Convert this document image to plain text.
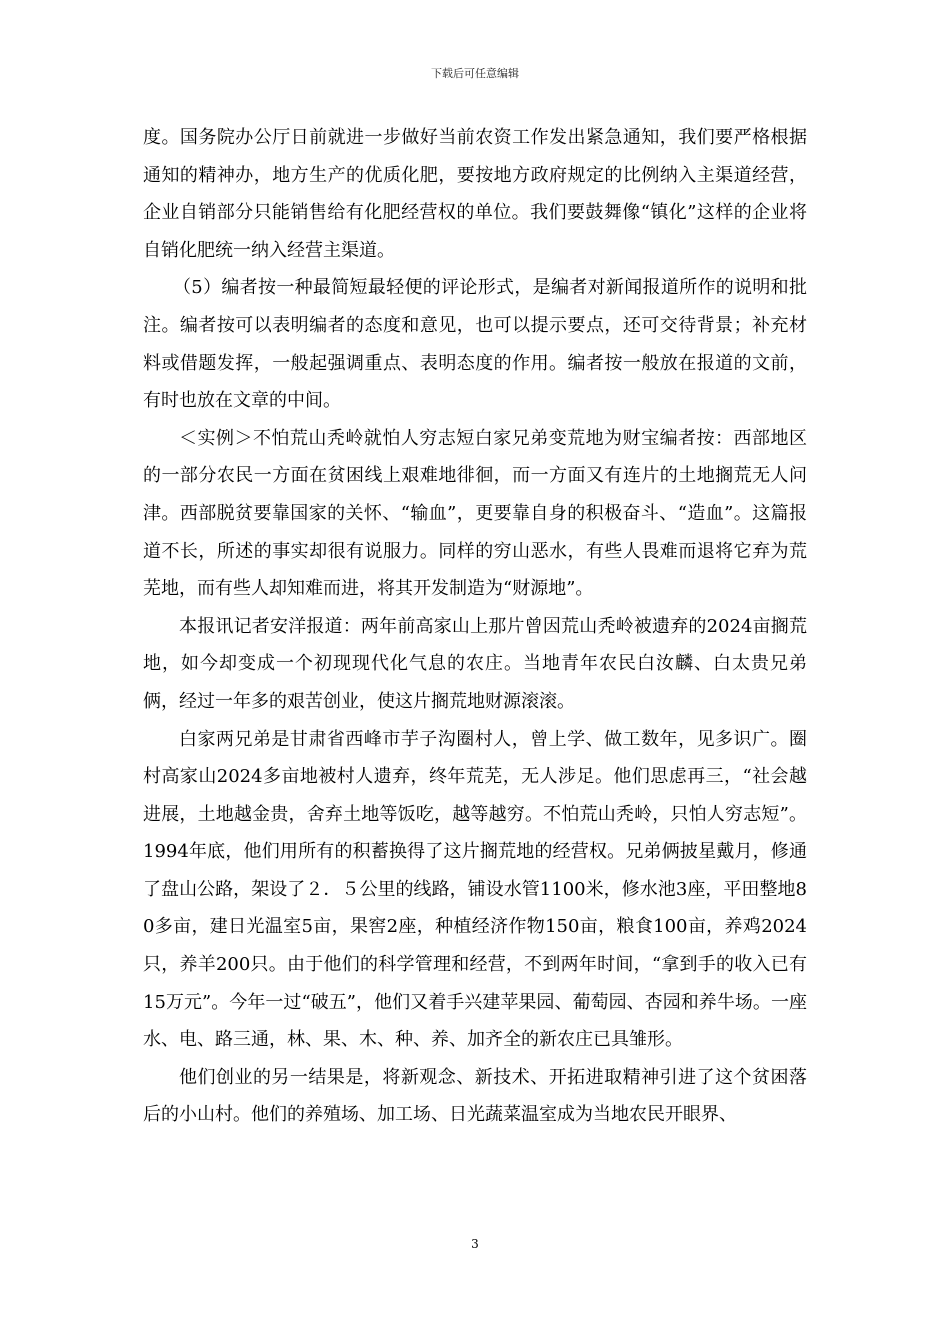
下载后可任意编辑

度。国务院办公厅日前就进一步做好当前农资工作发出紧急通知，我们要严格根据通知的精神办，地方生产的优质化肥，要按地方政府规定的比例纳入主渠道经营，企业自销部分只能销售给有化肥经营权的单位。我们要鼓舞像“镇化”这样的企业将自销化肥统一纳入经营主渠道。

（5）编者按一种最简短最轻便的评论形式，是编者对新闻报道所作的说明和批注。编者按可以表明编者的态度和意见，也可以提示要点，还可交待背景；补充材料或借题发挥，一般起强调重点、表明态度的作用。编者按一般放在报道的文前，有时也放在文章的中间。

＜实例＞不怕荒山秃岭就怕人穷志短白家兄弟变荒地为财宝编者按：西部地区的一部分农民一方面在贫困线上艰难地徘徊，而一方面又有连片的土地搁荒无人问津。西部脱贫要靠国家的关怀、“输血”，更要靠自身的积极奋斗、“造血”。这篇报道不长，所述的事实却很有说服力。同样的穷山恶水，有些人畏难而退将它弃为荒芜地，而有些人却知难而进，将其开发制造为“财源地”。

本报讯记者安洋报道：两年前高家山上那片曾因荒山秃岭被遗弃的2024亩搁荒地，如今却变成一个初现现代化气息的农庄。当地青年农民白汝麟、白太贵兄弟俩，经过一年多的艰苦创业，使这片搁荒地财源滚滚。

白家两兄弟是甘肃省西峰市芋子沟圈村人，曾上学、做工数年，见多识广。圈村高家山2024多亩地被村人遗弃，终年荒芜，无人涉足。他们思虑再三，“社会越进展，土地越金贵，舍弃土地等饭吃，越等越穷。不怕荒山秃岭，只怕人穷志短”。1994年底，他们用所有的积蓄换得了这片搁荒地的经营权。兄弟俩披星戴月，修通了盘山公路，架设了２．５公里的线路，铺设水管1100米，修水池3座，平田整地80多亩，建日光温室5亩，果窖2座，种植经济作物150亩，粮食100亩，养鸡2024只，养羊200只。由于他们的科学管理和经营，不到两年时间，“拿到手的收入已有15万元”。今年一过“破五”，他们又着手兴建苹果园、葡萄园、杏园和养牛场。一座水、电、路三通，林、果、木、种、养、加齐全的新农庄已具雏形。

他们创业的另一结果是，将新观念、新技术、开拓进取精神引进了这个贫困落后的小山村。他们的养殖场、加工场、日光蔬菜温室成为当地农民开眼界、

3
